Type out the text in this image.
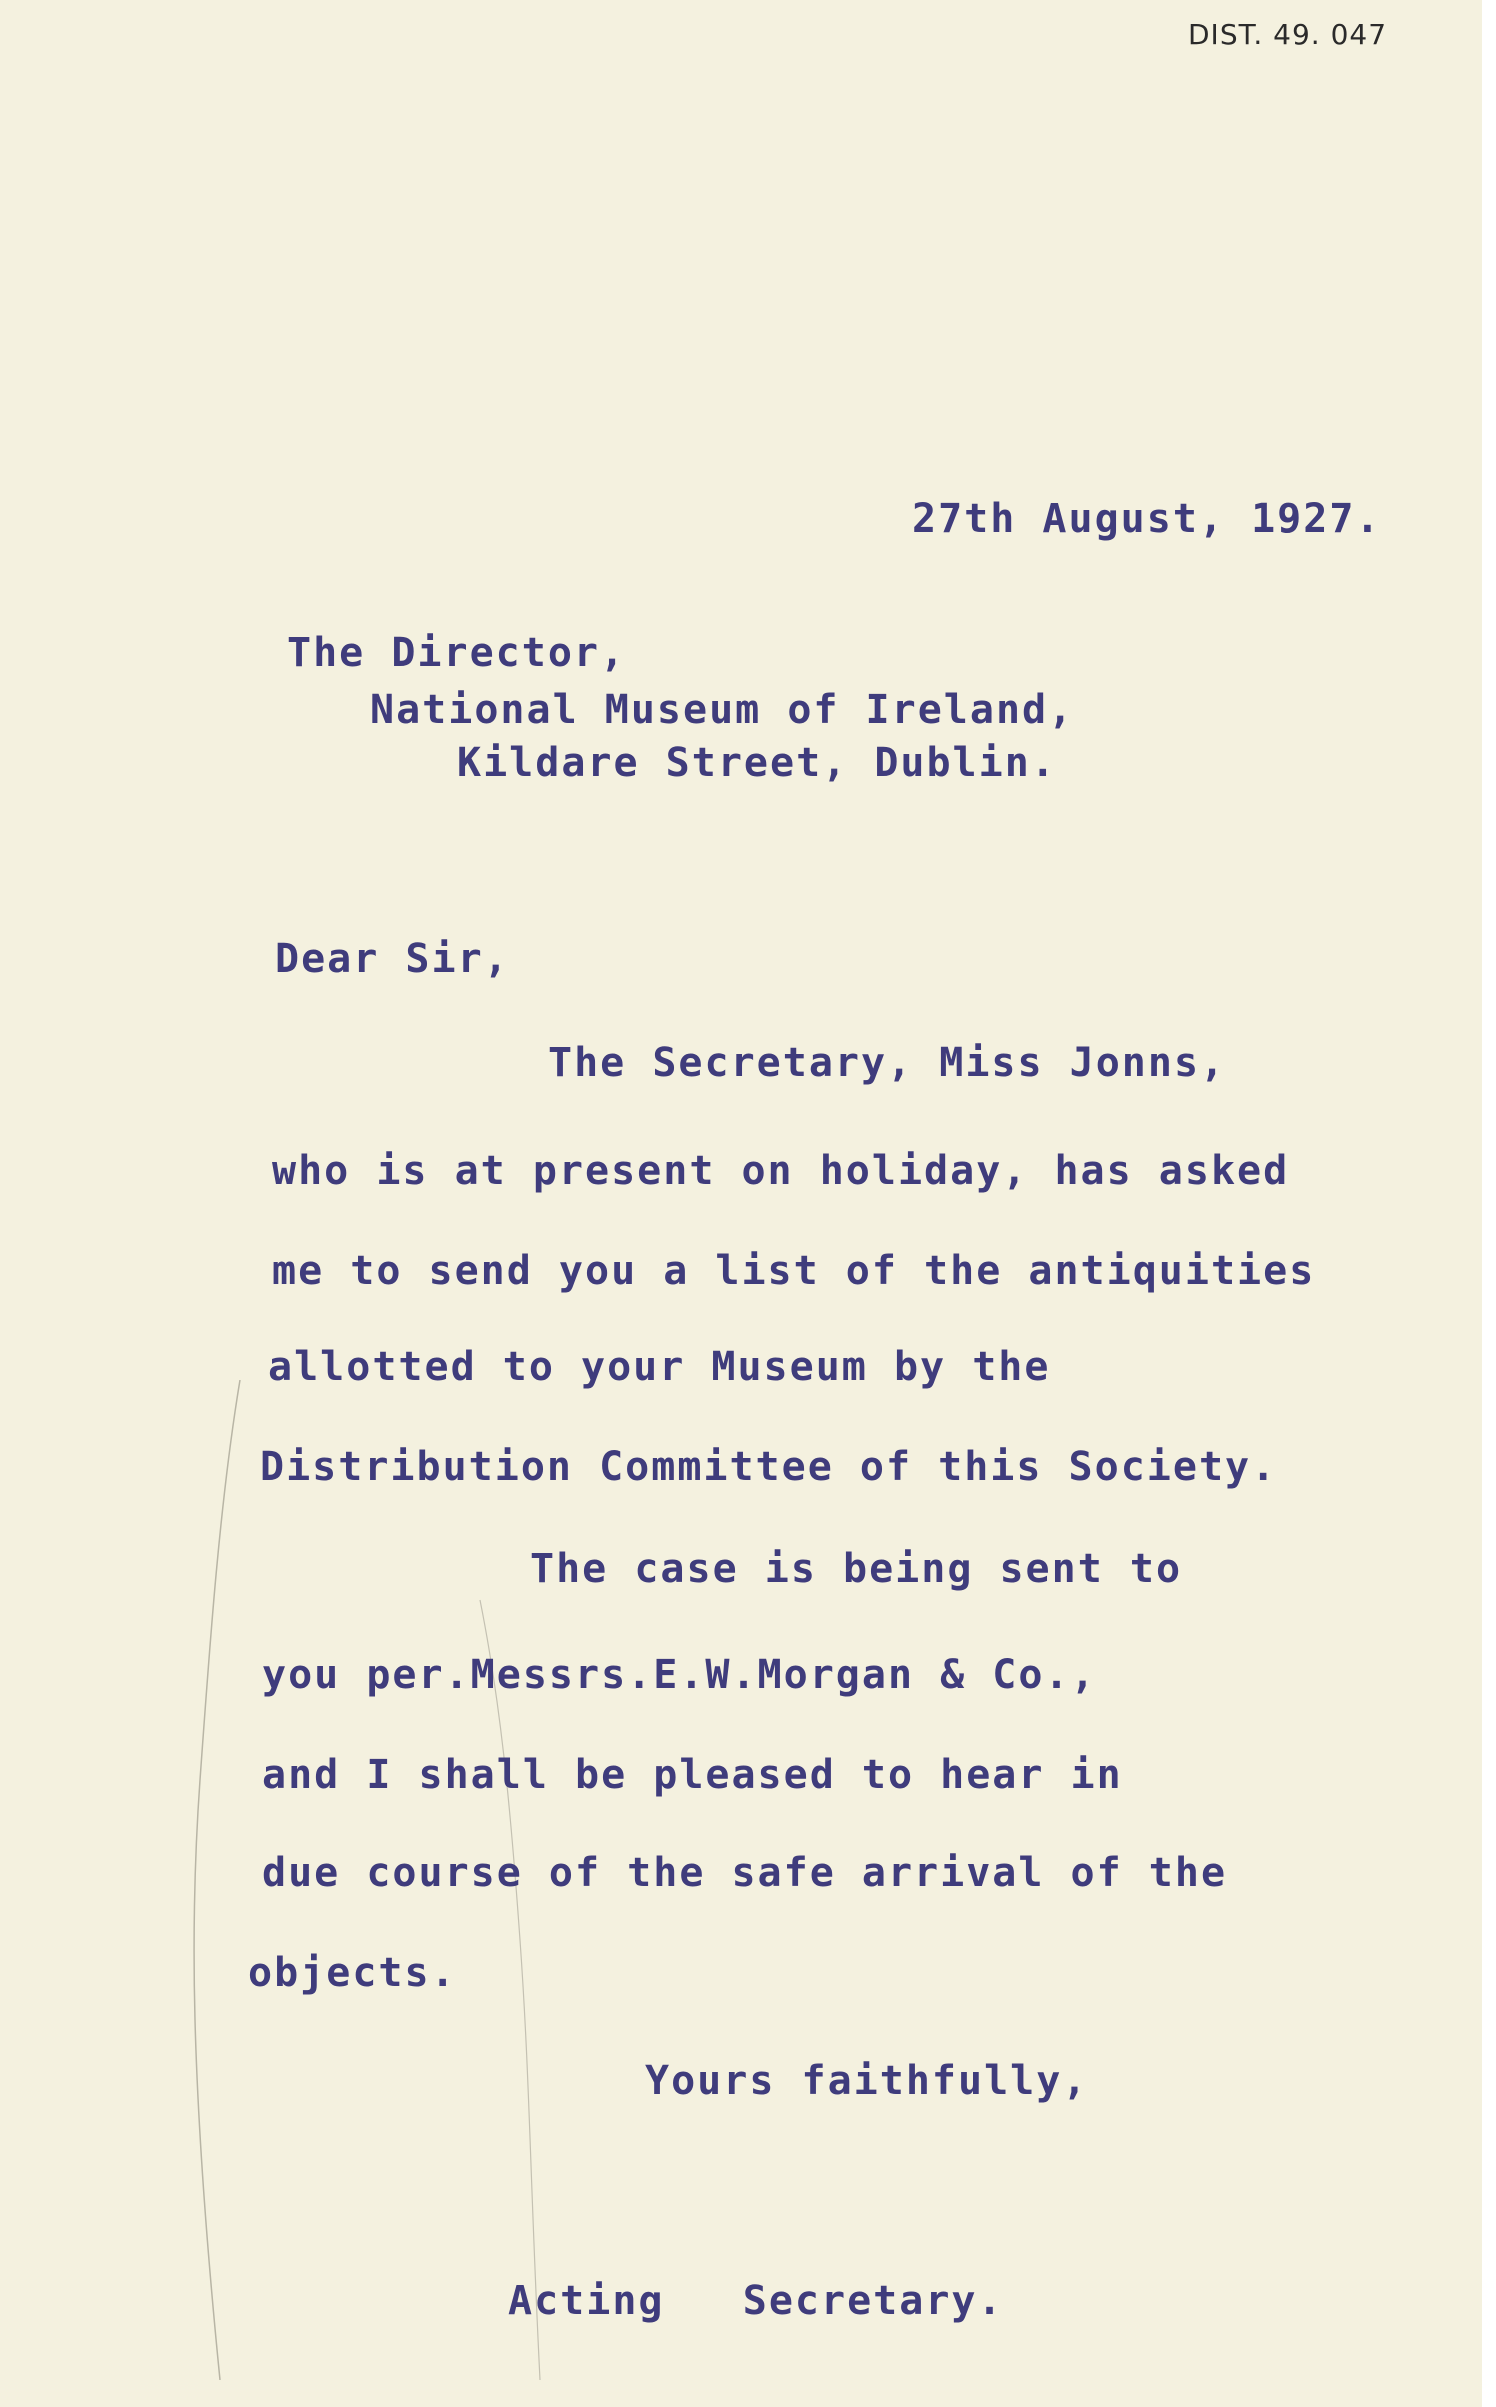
DIST. 49. 047
27th August, 1927.
The Director,
National Museum of Ireland,
Kildare Street, Dublin.
Dear Sir,
The Secretary, Miss Jonns,
who is at present on holiday, has asked
me to send you a list of the antiquities
allotted to your Museum by the
Distribution Committee of this Society.
The case is being sent to
you per.Messrs.E.W.Morgan & Co.,
and I shall be pleased to hear in
due course of the safe arrival of the
objects.
Yours faithfully,
Acting   Secretary.
